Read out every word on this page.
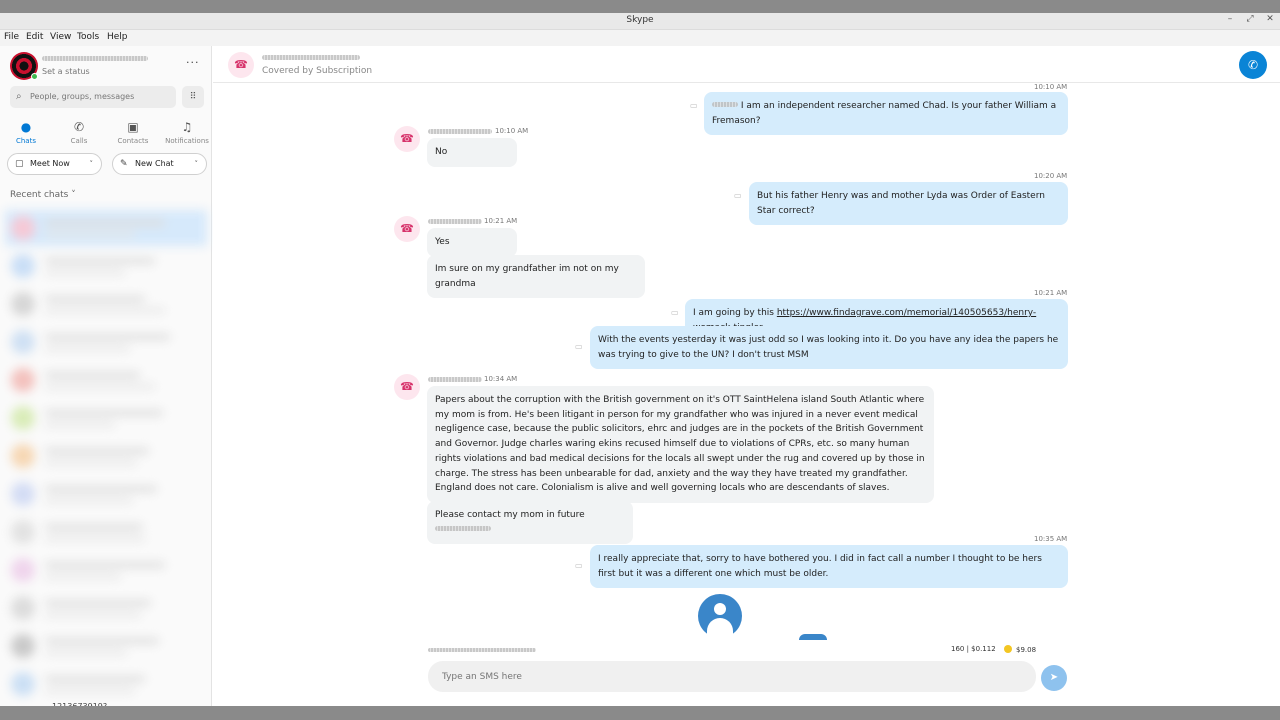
Skype	–	⤢ ✕
File Edit View Tools Help
Set a status
···
⌕ People, groups, messages	⠿
●
Chats
✆
Calls
▣
Contacts
♫
Notifications
▢ Meet Now	˅	✎ New Chat	˅
Recent chats ˅
☎	Covered by Subscription	✆
10:10 AM
▭	I am an independent researcher named Chad. Is your father William a Fremason?
☎
10:10 AM
No
10:20 AM
▭	But his father Henry was and mother Lyda was Order of Eastern Star correct?
☎
10:21 AM
Yes
Im sure on my grandfather im not on my grandma
10:21 AM
▭	I am going by this https://www.findagrave.com/memorial/140505653/henry-
▭
With the events yesterday it was just odd so I was looking into it. Do you have any idea the papers he was trying to give to the UN? I don't trust MSM
☎
10:34 AM
Papers about the corruption with the British government on it's OTT SaintHelena island South Atlantic where my mom is from. He's been litigant in person for my grandfather who was injured in a never event medical negligence case, because the public solicitors, ehrc and judges are in the pockets of the British Government and Governor. Judge charles waring ekins recused himself due to violations of CPRs, etc. so many human rights violations and bad medical decisions for the locals all swept under the rug and covered up by those in charge. The stress has been unbearable for dad, anxiety and the way they have treated my grandfather. England does not care. Colonialism is alive and well governing locals who are descendants of slaves.
Please contact my mom in future
10:35 AM
▭
I really appreciate that, sorry to have bothered you. I did in fact call a number I thought to be hers first but it was a different one which must be older.
160 | $0.112	$9.08
Type an SMS here
➤
